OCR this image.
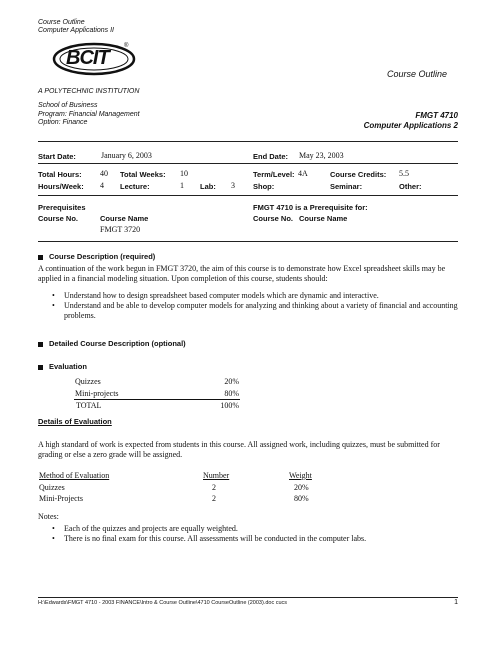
Course Outline
Computer Applications II
BCIT
®
A POLYTECHNIC INSTITUTION
Course Outline
School of Business
Program: Financial Management
Option: Finance
FMGT 4710
Computer Applications 2
Start Date:	January 6, 2003	End Date: May 23, 2003
Total Hours: 40 Total Weeks: 10	Term/Level: 4A	Course Credits: 5.5
Hours/Week: 4 Lecture:	1 Lab: 3 Shop:	Seminar:	Other:
Prerequisites
Course No.	Course Name
FMGT 3720
FMGT 4710 is a Prerequisite for:
Course No. Course Name
Course Description (required)
A continuation of the work begun in FMGT 3720, the aim of this course is to demonstrate how Excel spreadsheet skills may be applied in a financial modeling situation. Upon completion of this course, students should:
• Understand how to design spreadsheet based computer models which are dynamic and interactive.
• Understand and be able to develop computer models for analyzing and thinking about a variety of financial and accounting problems.
Detailed Course Description (optional)
Evaluation
Quizzes	20%
Mini-projects	80%
TOTAL	100%
Details of Evaluation
A high standard of work is expected from students in this course. All assigned work, including quizzes, must be submitted for grading or else a zero grade will be assigned.
Method of Evaluation	Number	Weight
Quizzes	2	20%
Mini-Projects	2	80%
Notes:
• Each of the quizzes and projects are equally weighted.
• There is no final exam for this course. All assessments will be conducted in the computer labs.
H:\Edwards\FMGT 4710 - 2003 FINANCE\Intro & Course Outline\4710 CourseOutline (2003).doc cucs	1
